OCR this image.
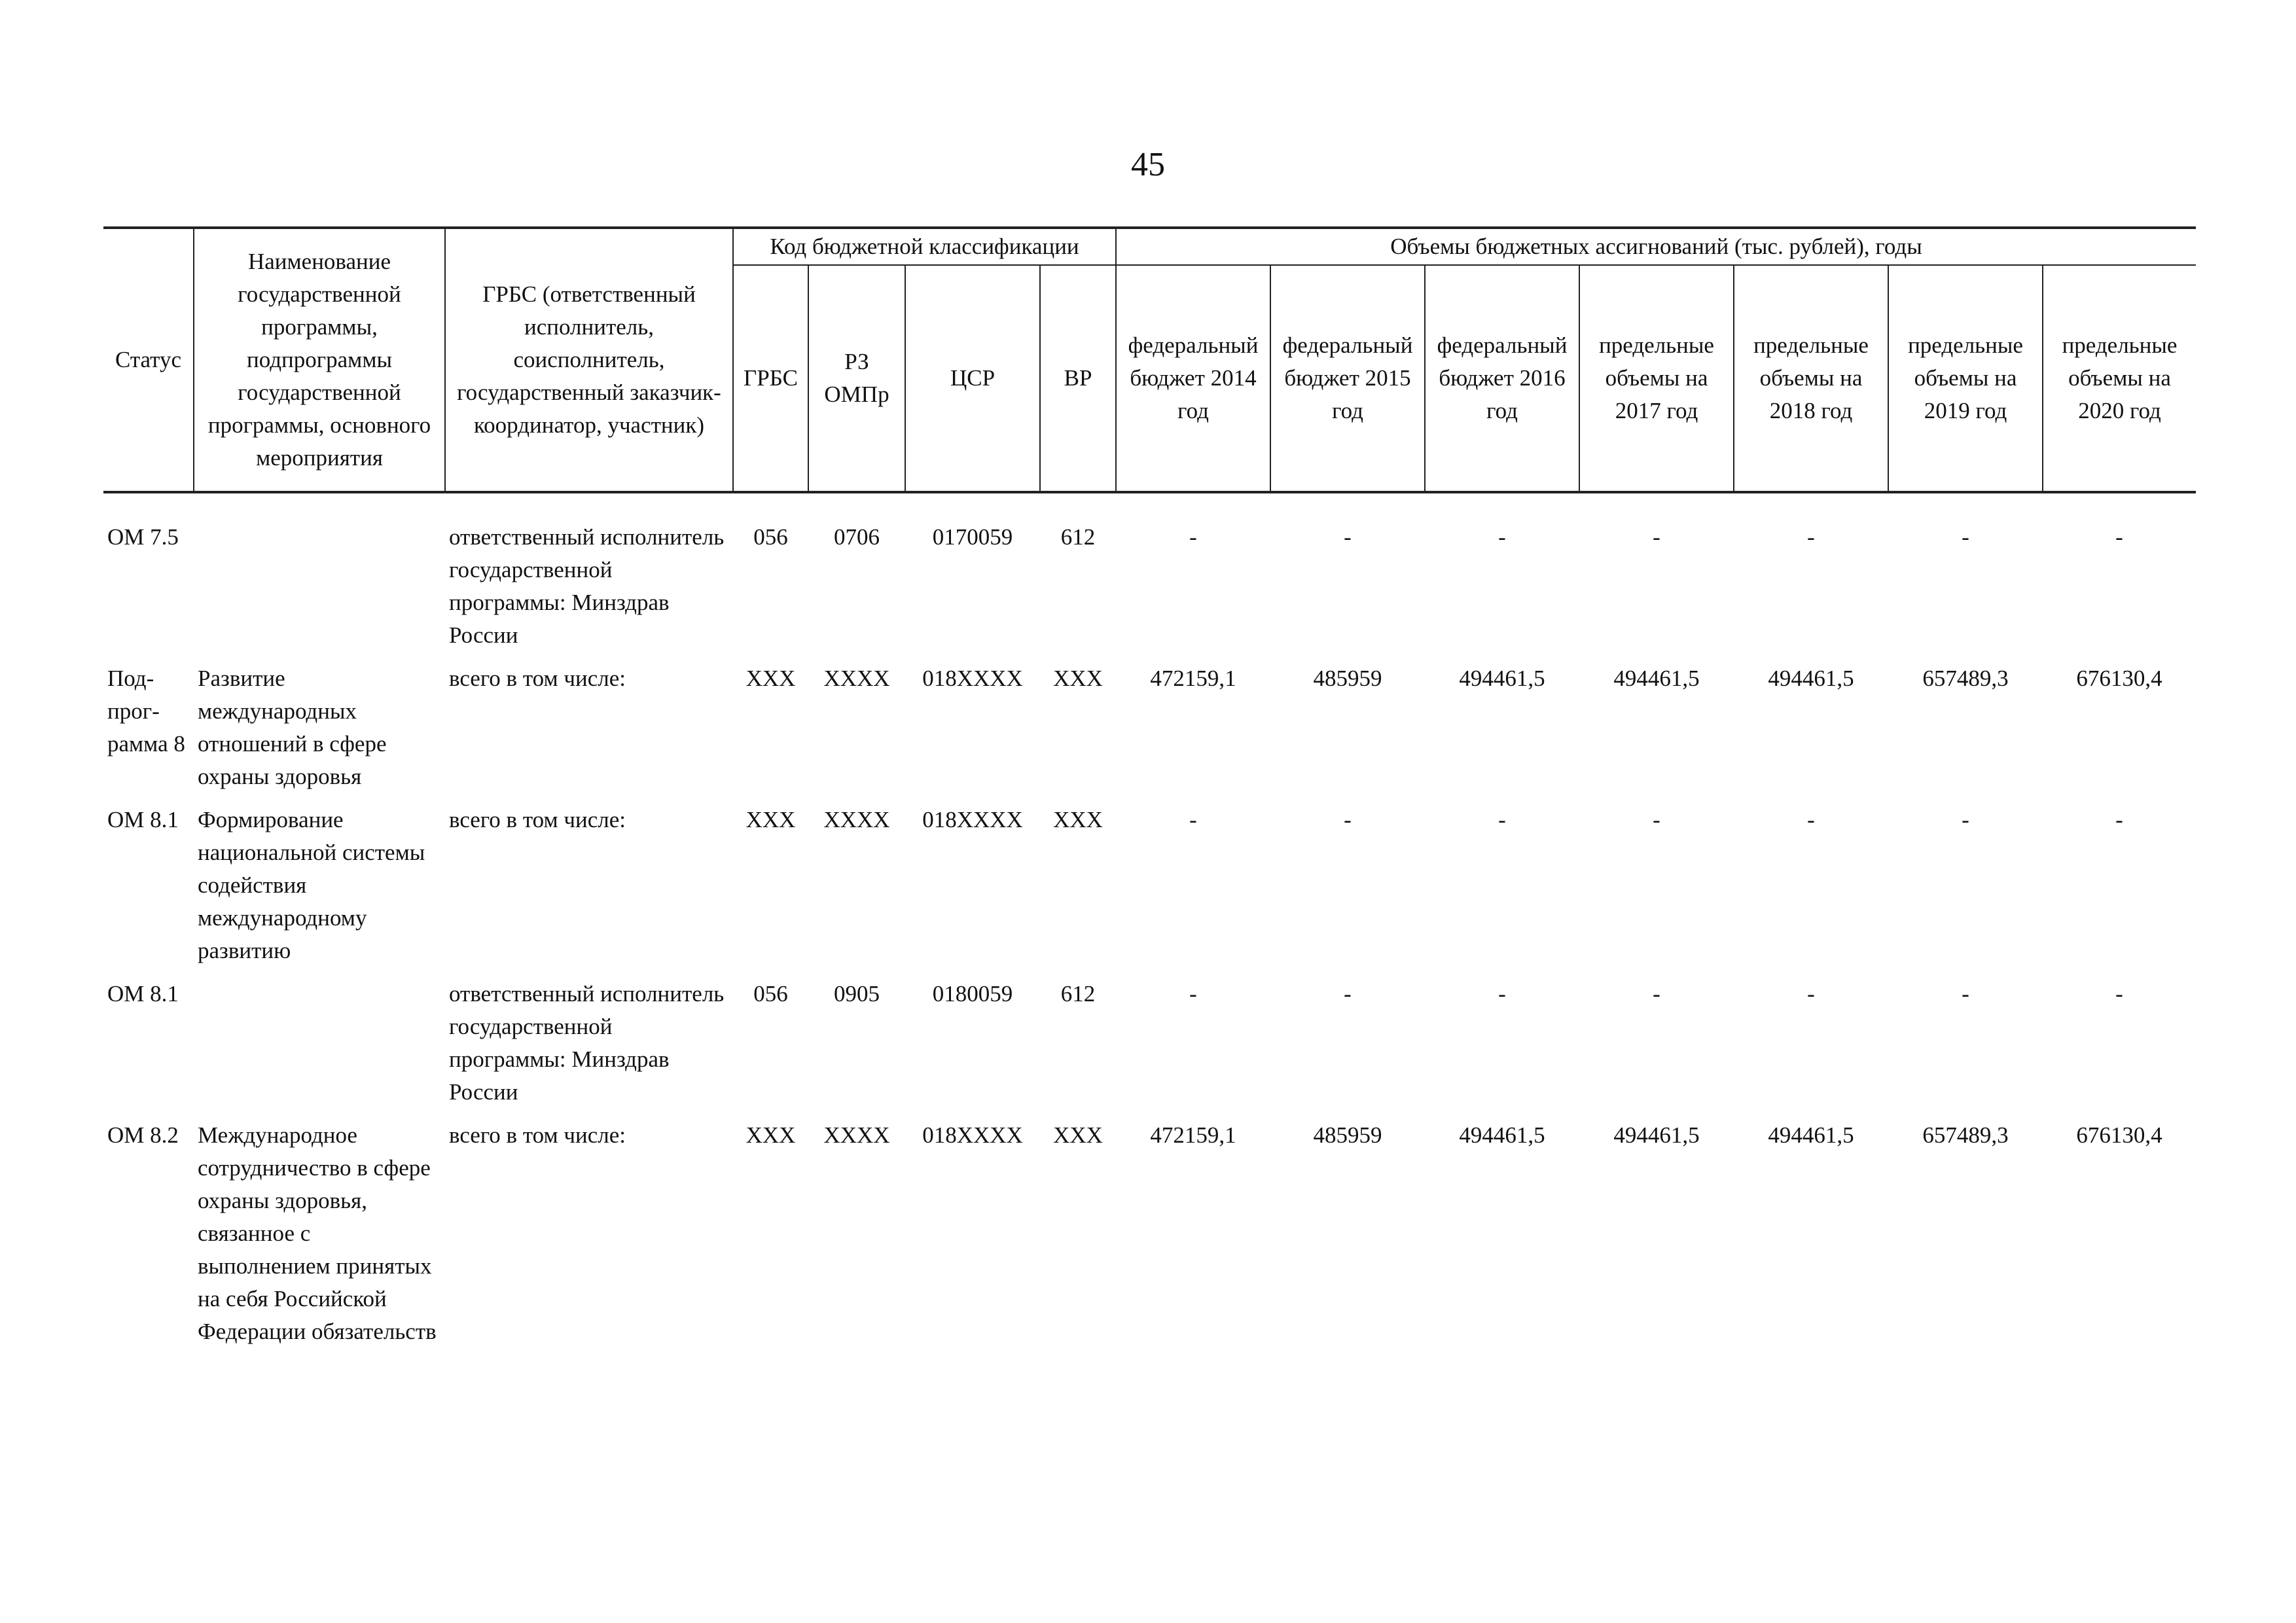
45
Статус	Наименование государственной программы, подпрограммы государственной программы, основного мероприятия	ГРБС (ответственный исполнитель, соисполнитель, государственный заказчик-координатор, участник)	Код бюджетной классификации				Объемы бюджетных ассигнований (тыс. рублей), годы						
			ГРБС	РЗ ОМПр	ЦСР	ВР	федеральный бюджет 2014 год	федеральный бюджет 2015 год	федеральный бюджет 2016 год	предельные объемы на 2017 год	предельные объемы на 2018 год	предельные объемы на 2019 год	предельные объемы на 2020 год

ОМ 7.5		ответственный исполнитель государственной программы: Минздрав России	056	0706	0170059	612	-	-	-	-	-	-	-
Под- прог- рамма 8	Развитие международных отношений в сфере охраны здоровья	всего в том числе:	XXX	XXXX	018XXXX	XXX	472159,1	485959	494461,5	494461,5	494461,5	657489,3	676130,4
ОМ 8.1	Формирование национальной системы содействия международному развитию	всего в том числе:	XXX	XXXX	018XXXX	XXX	-	-	-	-	-	-	-
ОМ 8.1		ответственный исполнитель государственной программы: Минздрав России	056	0905	0180059	612	-	-	-	-	-	-	-
ОМ 8.2	Международное сотрудничество в сфере охраны здоровья, связанное с выполнением принятых на себя Российской Федерации обязательств	всего в том числе:	XXX	XXXX	018XXXX	XXX	472159,1	485959	494461,5	494461,5	494461,5	657489,3	676130,4
